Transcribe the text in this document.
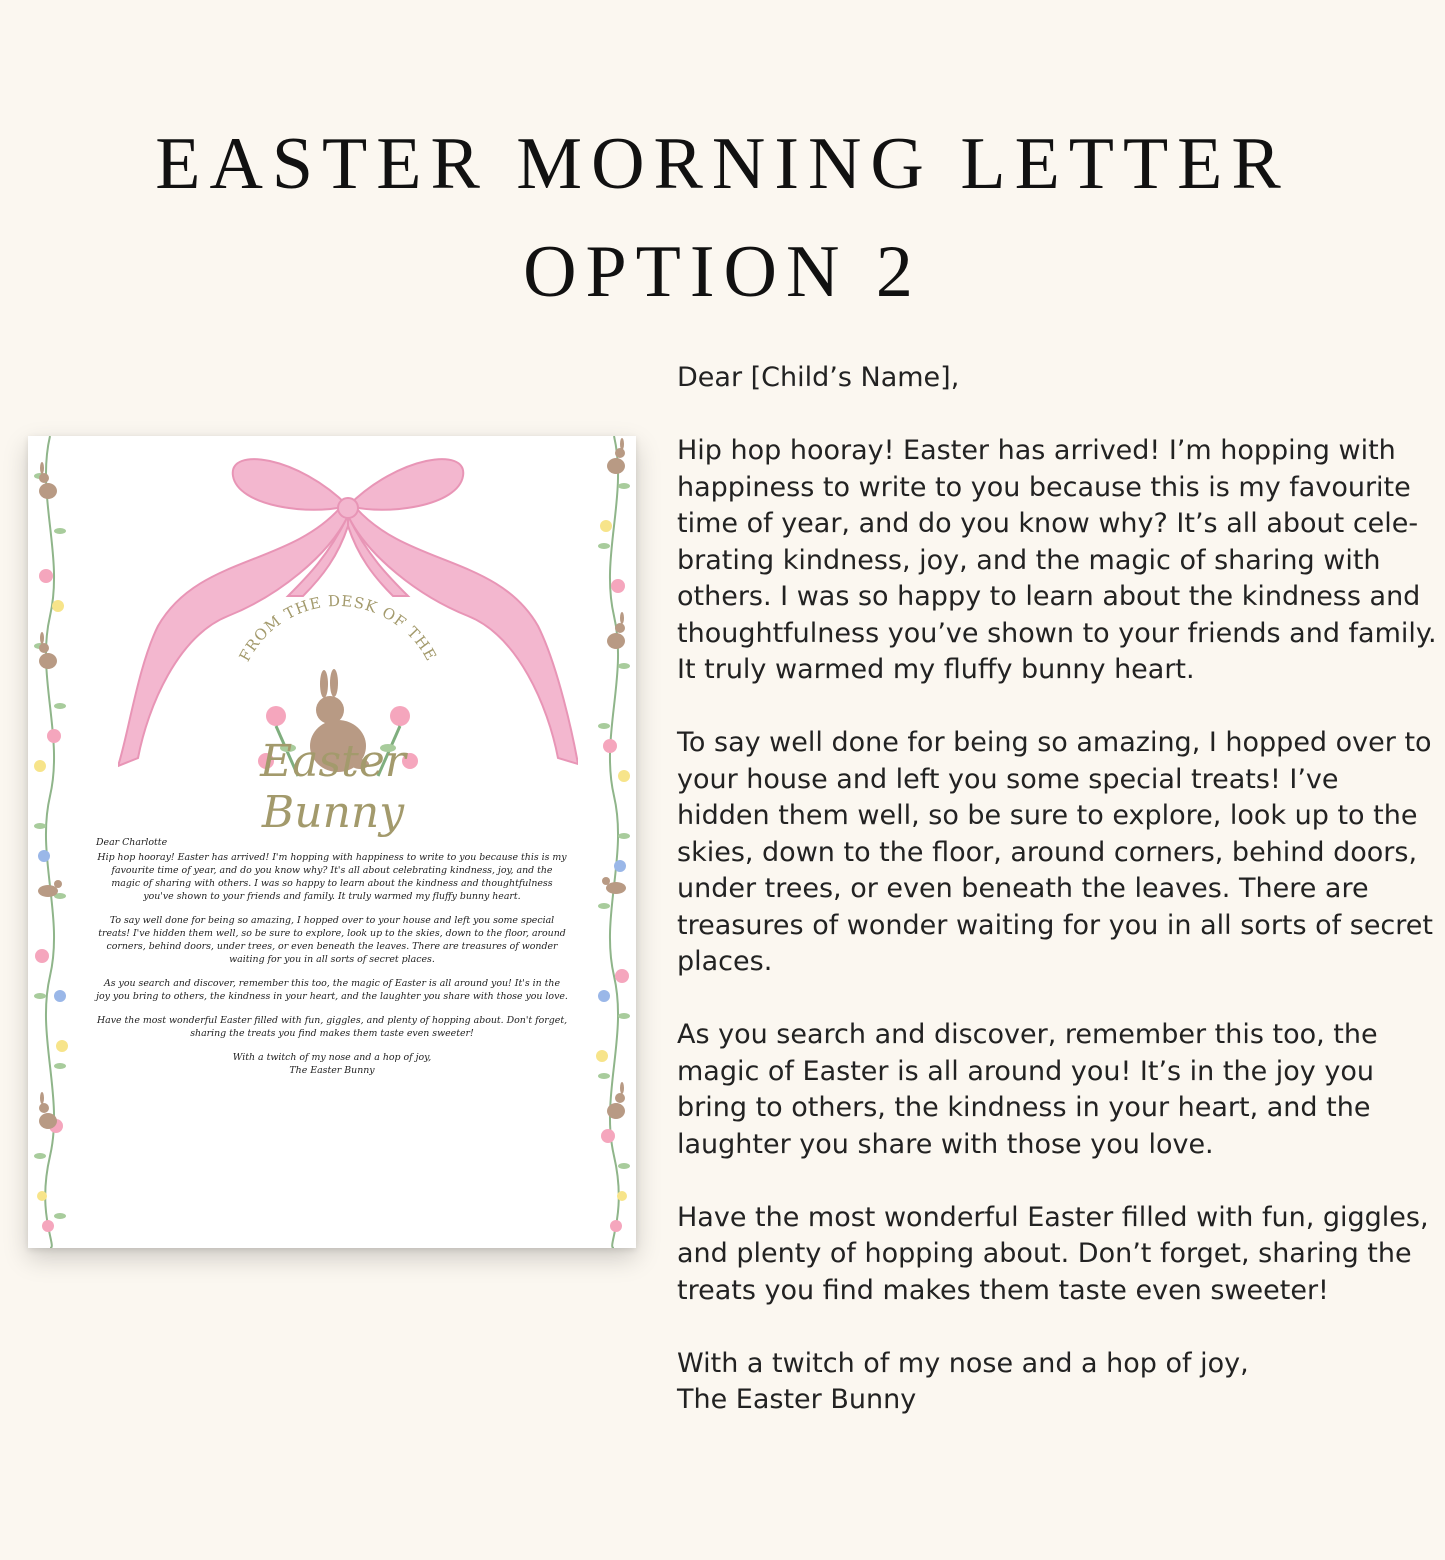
EASTER MORNING LETTER
OPTION 2
FROM THE DESK OF THE
Easter Bunny
Dear Charlotte

Hip hop hooray! Easter has arrived! I'm hopping with happiness to write to you because this is my favourite time of year, and do you know why? It's all about celebrating kindness, joy, and the magic of sharing with others. I was so happy to learn about the kindness and thoughtfulness you've shown to your friends and family. It truly warmed my fluffy bunny heart.

To say well done for being so amazing, I hopped over to your house and left you some special treats! I've hidden them well, so be sure to explore, look up to the skies, down to the floor, around corners, behind doors, under trees, or even beneath the leaves. There are treasures of wonder waiting for you in all sorts of secret places.

As you search and discover, remember this too, the magic of Easter is all around you! It's in the joy you bring to others, the kindness in your heart, and the laughter you share with those you love.

Have the most wonderful Easter filled with fun, giggles, and plenty of hopping about. Don't forget, sharing the treats you find makes them taste even sweeter!

With a twitch of my nose and a hop of joy,
The Easter Bunny

Dear [Child’s Name],

Hip hop hooray! Easter has arrived! I’m hopping with happiness to write to you because this is my favourite time of year, and do you know why? It’s all about cele-brating kindness, joy, and the magic of sharing with others. I was so happy to learn about the kindness and thoughtfulness you’ve shown to your friends and family. It truly warmed my fluffy bunny heart.

To say well done for being so amazing, I hopped over to your house and left you some special treats! I’ve hidden them well, so be sure to explore, look up to the skies, down to the floor, around corners, behind doors, under trees, or even beneath the leaves. There are treasures of wonder waiting for you in all sorts of secret places.

As you search and discover, remember this too, the magic of Easter is all around you! It’s in the joy you bring to others, the kindness in your heart, and the laughter you share with those you love.

Have the most wonderful Easter filled with fun, giggles, and plenty of hopping about. Don’t forget, sharing the treats you find makes them taste even sweeter!

With a twitch of my nose and a hop of joy,
The Easter Bunny
